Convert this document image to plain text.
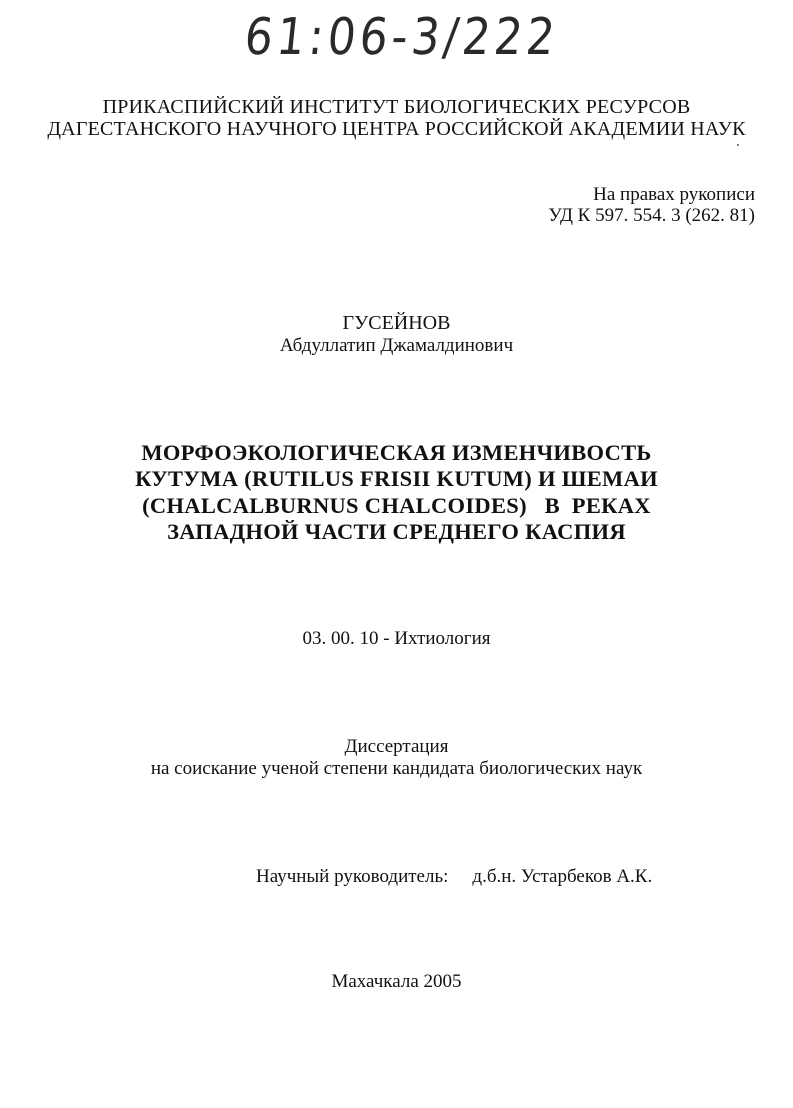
61:06-3/222
ПРИКАСПИЙСКИЙ ИНСТИТУТ БИОЛОГИЧЕСКИХ РЕСУРСОВ
ДАГЕСТАНСКОГО НАУЧНОГО ЦЕНТРА РОССИЙСКОЙ АКАДЕМИИ НАУК
На правах рукописи
УД К 597. 554. 3 (262. 81)
ГУСЕЙНОВ
Абдуллатип Джамалдинович
МОРФОЭКОЛОГИЧЕСКАЯ ИЗМЕНЧИВОСТЬ
КУТУМА (RUTILUS FRISII KUTUM) И ШЕМАИ
(CHALCALBURNUS CHALCOIDES)   В  РЕКАХ
ЗАПАДНОЙ ЧАСТИ СРЕДНЕГО КАСПИЯ
03. 00. 10 - Ихтиология
Диссертация
на соискание ученой степени кандидата биологических наук
Научный руководитель: д.б.н. Устарбеков А.К.
Махачкала 2005
